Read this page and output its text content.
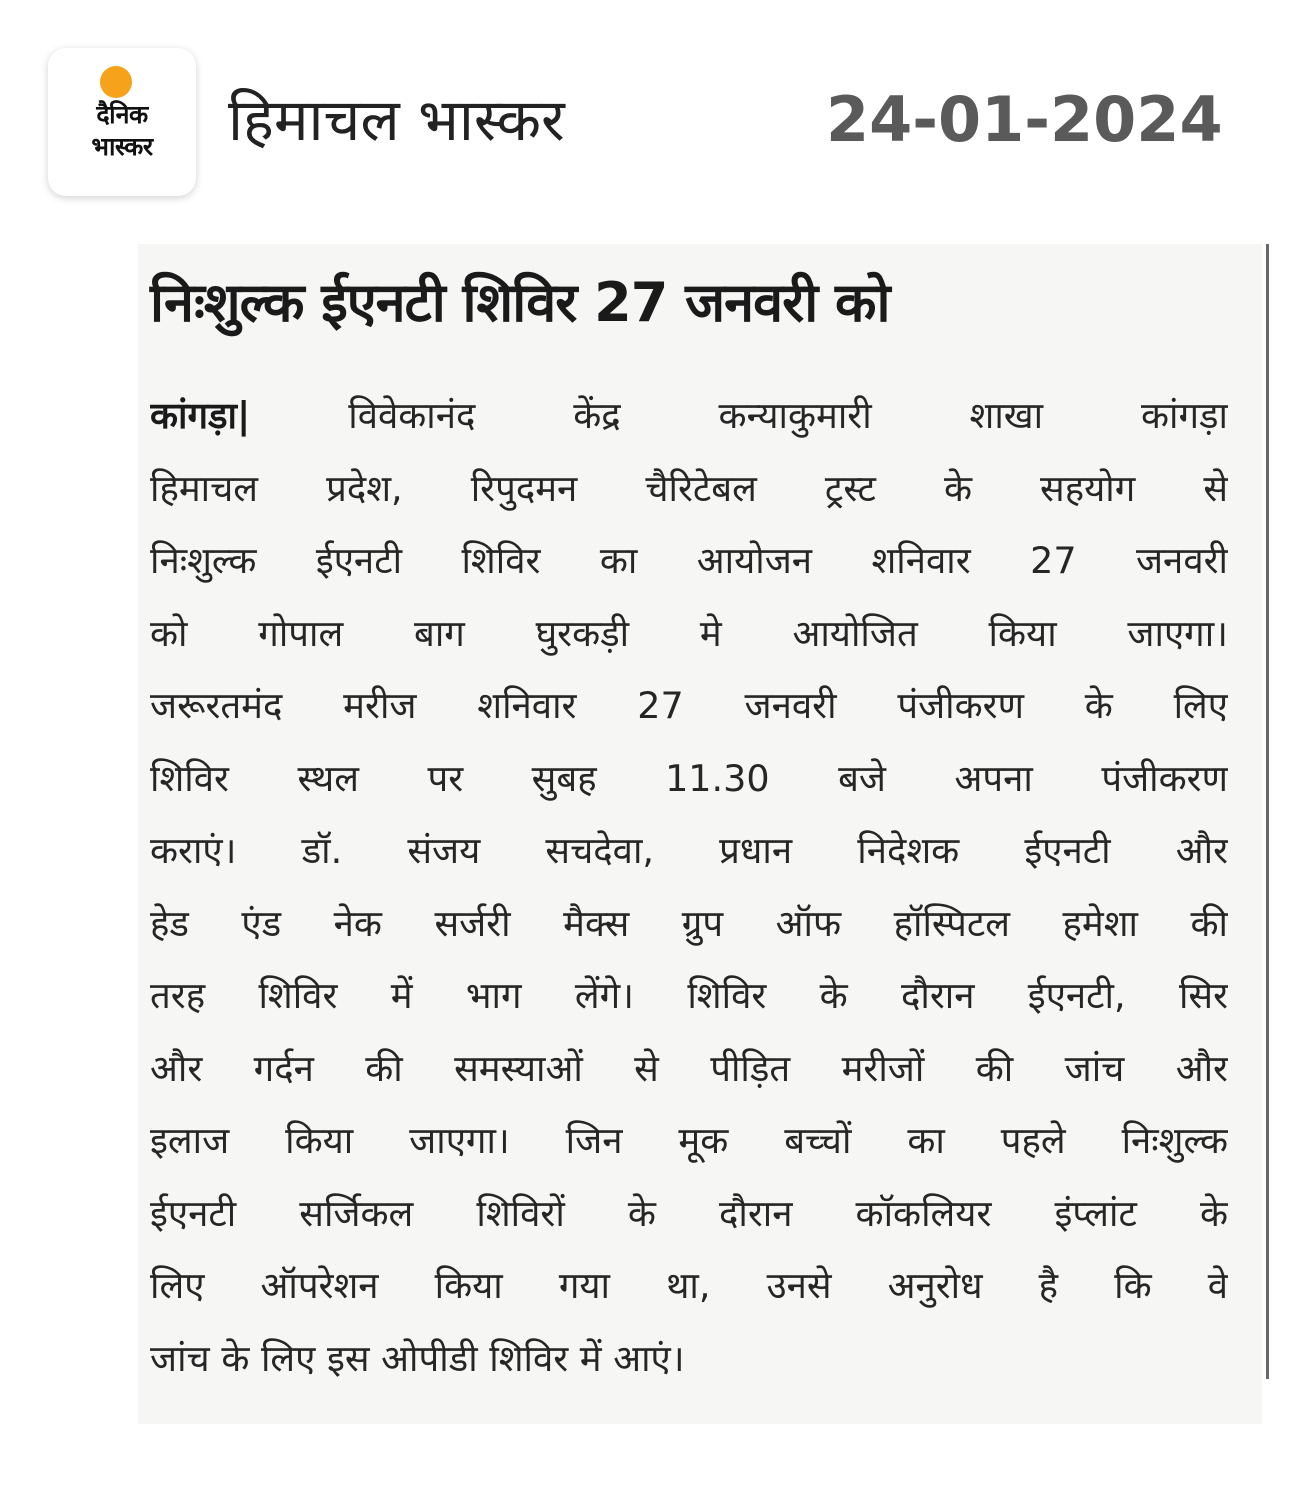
दैनिक
भास्कर	हिमाचल भास्कर	24-01-2024
निःशुल्क ईएनटी शिविर 27 जनवरी को
कांगड़ा|	विवेकानंद केंद्र कन्याकुमारी शाखा कांगड़ा
हिमाचल प्रदेश, रिपुदमन चैरिटेबल ट्रस्ट के सहयोग से
निःशुल्क ईएनटी शिविर का आयोजन शनिवार 27 जनवरी
को गोपाल बाग घुरकड़ी मे आयोजित किया जाएगा।
जरूरतमंद मरीज शनिवार 27 जनवरी पंजीकरण के लिए
शिविर स्थल पर सुबह 11.30 बजे अपना पंजीकरण
कराएं। डॉ. संजय सचदेवा, प्रधान निदेशक ईएनटी और
हेड एंड नेक सर्जरी मैक्स ग्रुप ऑफ हॉस्पिटल हमेशा की
तरह शिविर में भाग लेंगे। शिविर के दौरान ईएनटी, सिर
और गर्दन की समस्याओं से पीड़ित मरीजों की जांच और
इलाज किया जाएगा। जिन मूक बच्चों का पहले निःशुल्क
ईएनटी सर्जिकल शिविरों के दौरान कॉकलियर इंप्लांट के
लिए ऑपरेशन किया गया था, उनसे अनुरोध है कि वे
जांच के लिए इस ओपीडी शिविर में आएं।
